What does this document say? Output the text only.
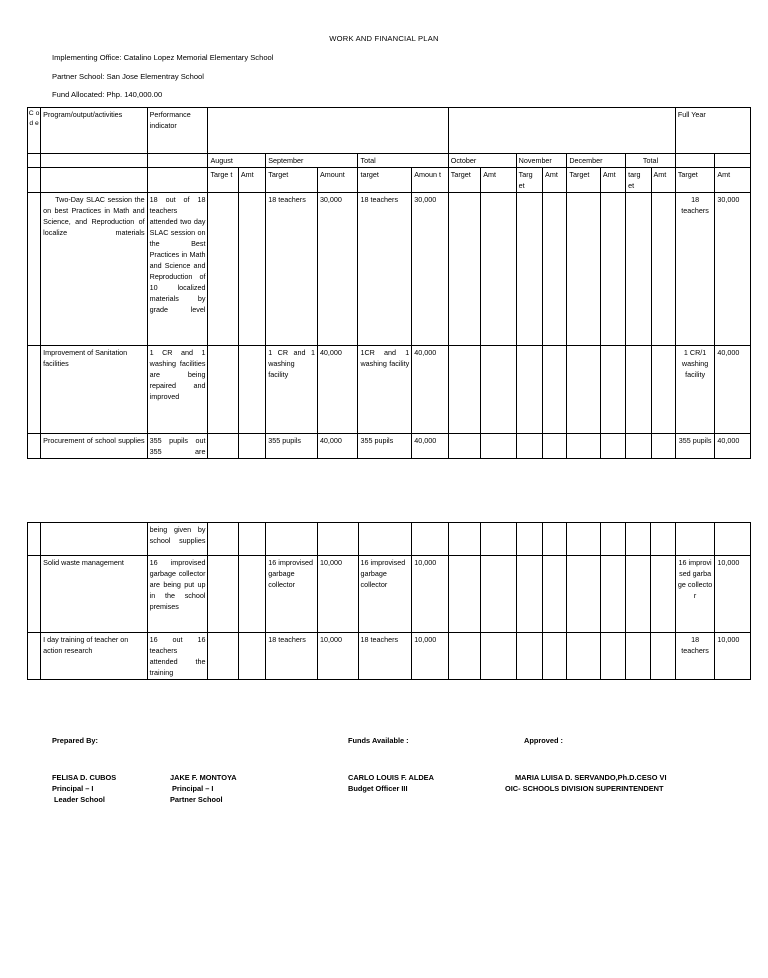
WORK AND FINANCIAL PLAN
Implementing Office: Catalino Lopez Memorial Elementary School
Partner School: San Jose Elementray School
Fund Allocated: Php. 140,000.00
C o d e	Program/output/activities	Performance indicator															Full Year	
			August		September		Total		October		November		December		Total			
			Targe t	Amt	Target	Amount	target	Amoun t	Target	Amt	Targ et	Amt	Target	Amt	targ et	Amt	Target	Amt
	Two-Day SLAC session the on best Practices in Math and Science, and Reproduction of localize materials	18 out of 18 teachers attended two day SLAC session on the Best Practices in Math and Science and Reproduction of 10 localized materials by grade level			18 teachers	30,000	18 teachers	30,000									18 teachers	30,000
	Improvement of Sanitation facilities	1 CR and 1 washing facilities are being repaired and improved			1 CR and 1 washing facility	40,000	1CR and 1 washing facility	40,000									1 CR/1 washing facility	40,000
	Procurement of school supplies	355 pupils out 355 are			355 pupils	40,000	355 pupils	40,000									355 pupils	40,000
		being given by school supplies																
	Solid waste management	16 improvised garbage collector are being put up in the school premises			16 improvised garbage collector	10,000	16 improvised garbage collector	10,000									16 improvised garbage collector	10,000
	I day training of teacher on action research	16 out 16 teachers attended the training			18 teachers	10,000	18 teachers	10,000									18 teachers	10,000
Prepared By:	Funds Available :	Approved :
FELISA D. CUBOS
Principal – I
Leader School
JAKE F. MONTOYA
Principal – I
Partner School
CARLO LOUIS F. ALDEA
Budget Officer III
MARIA LUISA D. SERVANDO,Ph.D.CESO VI
OIC- SCHOOLS DIVISION SUPERINTENDENT
